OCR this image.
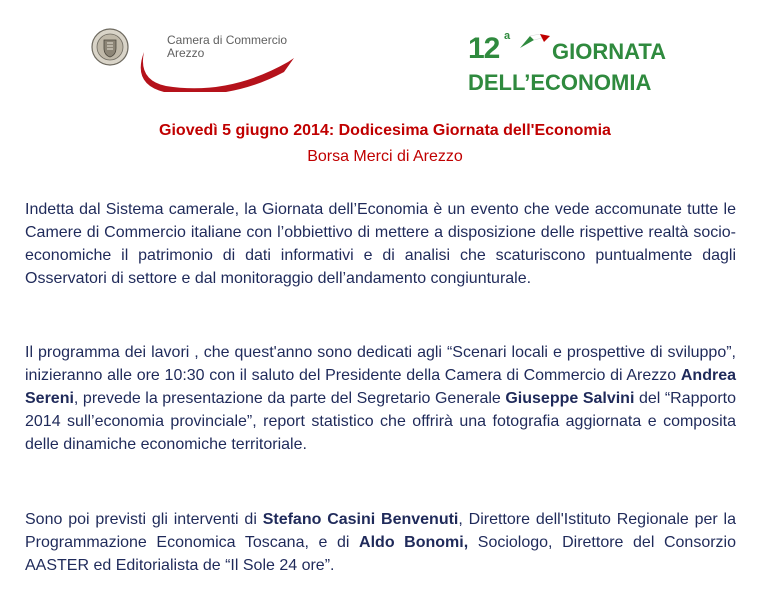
Camera di Commercio
Arezzo	12 a
GIORNATA
DELL’ECONOMIA
Giovedì 5 giugno 2014: Dodicesima Giornata dell'Economia
Borsa Merci di Arezzo
Indetta dal Sistema camerale, la Giornata dell’Economia è un evento che vede accomunate tutte le Camere di Commercio italiane con l’obbiettivo di mettere a disposizione delle rispettive realtà socio-economiche il patrimonio di dati informativi e di analisi che scaturiscono puntualmente dagli Osservatori di settore e dal monitoraggio dell’andamento congiunturale.
Il programma dei lavori , che quest'anno sono dedicati agli “Scenari locali e prospettive di sviluppo”, inizieranno alle ore 10:30 con il saluto del Presidente della Camera di Commercio di Arezzo Andrea Sereni, prevede la presentazione da parte del Segretario Generale Giuseppe Salvini del “Rapporto 2014 sull’economia provinciale”, report statistico che offrirà una fotografia aggiornata e composita delle dinamiche economiche territoriale.
Sono poi previsti gli interventi di Stefano Casini Benvenuti, Direttore dell'Istituto Regionale per la Programmazione Economica Toscana, e di Aldo Bonomi, Sociologo, Direttore del Consorzio AASTER ed Editorialista de “Il Sole 24 ore”.
